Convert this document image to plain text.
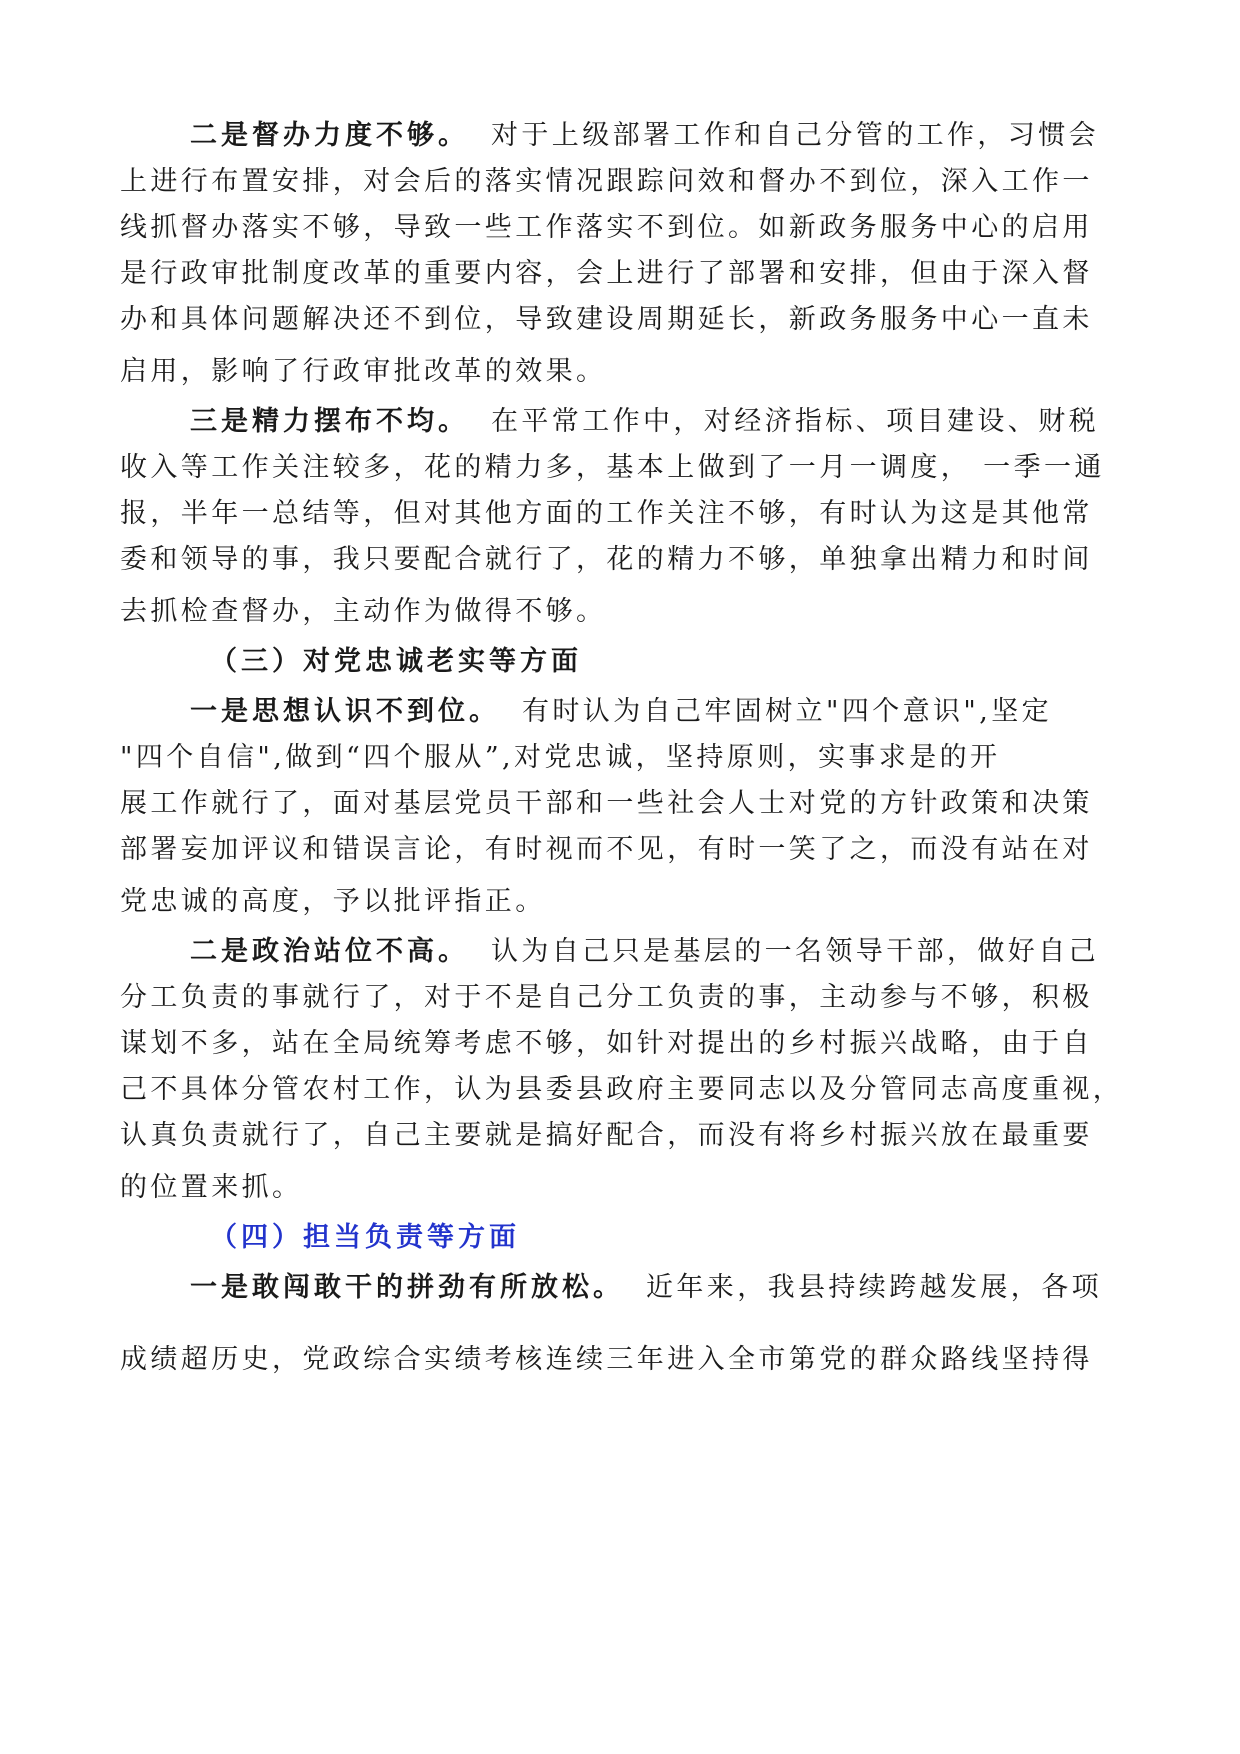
二是督办力度不够。 对于上级部署工作和自己分管的工作，习惯会
上进行布置安排，对会后的落实情况跟踪问效和督办不到位，深入工作一
线抓督办落实不够，导致一些工作落实不到位。如新政务服务中心的启用
是行政审批制度改革的重要内容，会上进行了部署和安排，但由于深入督
办和具体问题解决还不到位，导致建设周期延长，新政务服务中心一直未
启用，影响了行政审批改革的效果。
三是精力摆布不均。 在平常工作中，对经济指标、项目建设、财税
收入等工作关注较多，花的精力多，基本上做到了一月一调度， 一季一通
报，半年一总结等，但对其他方面的工作关注不够，有时认为这是其他常
委和领导的事，我只要配合就行了，花的精力不够，单独拿出精力和时间
去抓检查督办，主动作为做得不够。
（三）对党忠诚老实等方面
一是思想认识不到位。 有时认为自己牢固树立"四个意识",坚定
"四个自信",做到“四个服从”,对党忠诚，坚持原则，实事求是的开
展工作就行了，面对基层党员干部和一些社会人士对党的方针政策和决策
部署妄加评议和错误言论，有时视而不见，有时一笑了之，而没有站在对
党忠诚的高度，予以批评指正。
二是政治站位不高。 认为自己只是基层的一名领导干部，做好自己
分工负责的事就行了，对于不是自己分工负责的事，主动参与不够，积极
谋划不多，站在全局统筹考虑不够，如针对提出的乡村振兴战略，由于自
己不具体分管农村工作，认为县委县政府主要同志以及分管同志高度重视，
认真负责就行了，自己主要就是搞好配合，而没有将乡村振兴放在最重要
的位置来抓。
（四）担当负责等方面
一是敢闯敢干的拼劲有所放松。 近年来，我县持续跨越发展，各项
成绩超历史，党政综合实绩考核连续三年进入全市第党的群众路线坚持得
